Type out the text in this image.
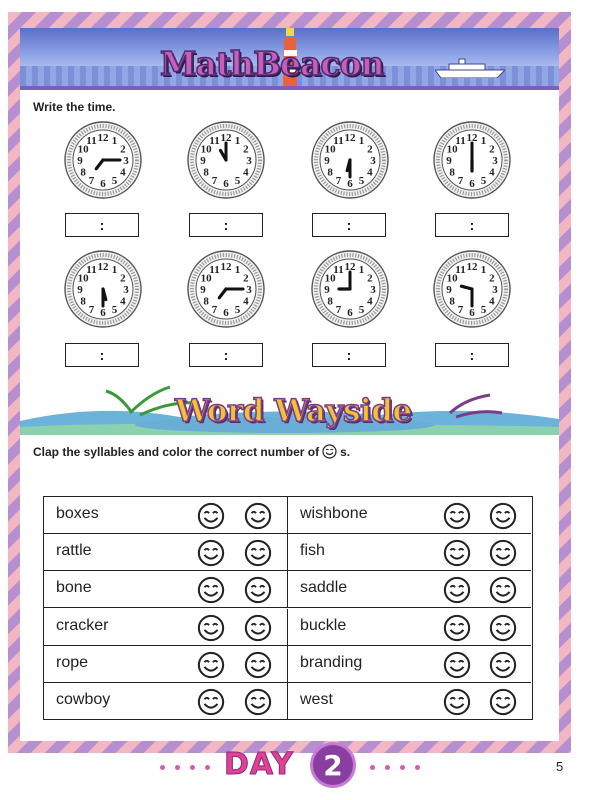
MathBeacon
Write the time.
12 1
2
3
4
5
6
7
8
9
10
11
:
12 1
2
3
4
5
6
7
8
9
10
11
:
12 1
2
3
4
5
6
7
8
9
10
11
:
12 1
2
3
4
5
6
7
8
9
10
11
:
12 1
2
3
4
5
6
7
8
9
10
11
:
12 1
2
3
4
5
6
7
8
9
10
11
:
12 1
2
3
4
5
6
7
8
9
10
11
:
12 1
2
3
4
5
6
7
8
9
10
11
:
Word Wayside
Clap the syllables and color the correct number of s.
boxes
rattle
bone
cracker
rope
cowboy
wishbone
fish
saddle
buckle
branding
west
DAY	2	5
